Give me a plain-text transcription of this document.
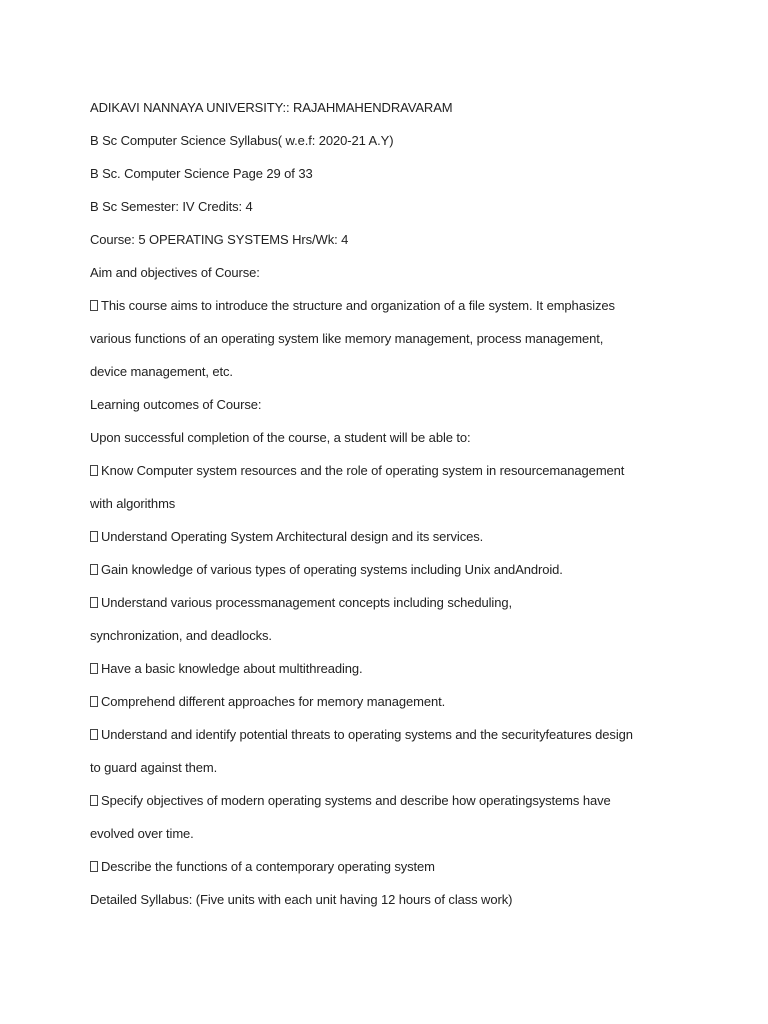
ADIKAVI NANNAYA UNIVERSITY:: RAJAHMAHENDRAVARAM
B Sc Computer Science Syllabus( w.e.f: 2020-21 A.Y)
B Sc. Computer Science Page 29 of 33
B Sc Semester: IV Credits: 4
Course: 5 OPERATING SYSTEMS Hrs/Wk: 4
Aim and objectives of Course:
This course aims to introduce the structure and organization of a file system. It emphasizes
various functions of an operating system like memory management, process management,
device management, etc.
Learning outcomes of Course:
Upon successful completion of the course, a student will be able to:
Know Computer system resources and the role of operating system in resourcemanagement
with algorithms
Understand Operating System Architectural design and its services.
Gain knowledge of various types of operating systems including Unix andAndroid.
Understand various processmanagement concepts including scheduling,
synchronization, and deadlocks.
Have a basic knowledge about multithreading.
Comprehend different approaches for memory management.
Understand and identify potential threats to operating systems and the securityfeatures design
to guard against them.
Specify objectives of modern operating systems and describe how operatingsystems have
evolved over time.
Describe the functions of a contemporary operating system
Detailed Syllabus: (Five units with each unit having 12 hours of class work)
